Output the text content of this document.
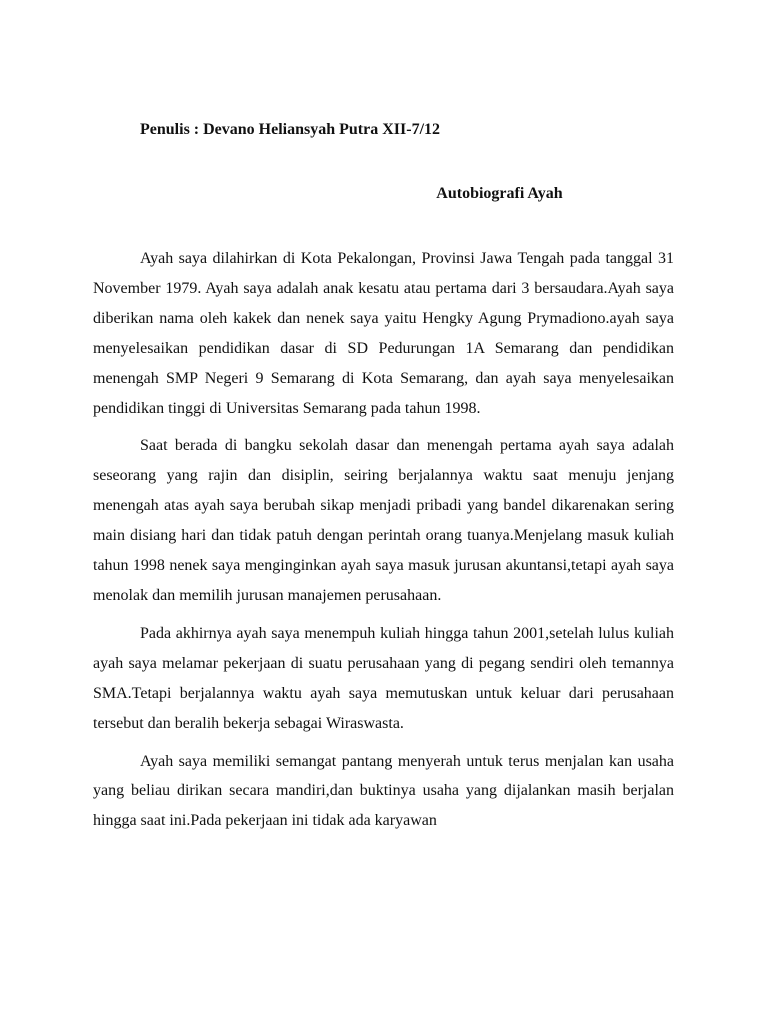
Penulis : Devano Heliansyah Putra XII-7/12
Autobiografi Ayah

Ayah saya dilahirkan di Kota Pekalongan, Provinsi Jawa Tengah pada tanggal 31 November 1979. Ayah saya adalah anak kesatu atau pertama dari 3 bersaudara.Ayah saya diberikan nama oleh kakek dan nenek saya yaitu Hengky Agung Prymadiono.ayah saya menyelesaikan pendidikan dasar di SD Pedurungan 1A Semarang dan pendidikan menengah SMP Negeri 9 Semarang di Kota Semarang, dan ayah saya menyelesaikan pendidikan tinggi di Universitas Semarang pada tahun 1998.

Saat berada di bangku sekolah dasar dan menengah pertama ayah saya adalah seseorang yang rajin dan disiplin, seiring berjalannya waktu saat menuju jenjang menengah atas ayah saya berubah sikap menjadi pribadi yang bandel dikarenakan sering main disiang hari dan tidak patuh dengan perintah orang tuanya.Menjelang masuk kuliah tahun 1998 nenek saya menginginkan ayah saya masuk jurusan akuntansi,tetapi ayah saya menolak dan memilih jurusan manajemen perusahaan.

Pada akhirnya ayah saya menempuh kuliah hingga tahun 2001,setelah lulus kuliah ayah saya melamar pekerjaan di suatu perusahaan yang di pegang sendiri oleh temannya SMA.Tetapi berjalannya waktu ayah saya memutuskan untuk keluar dari perusahaan tersebut dan beralih bekerja sebagai Wiraswasta.

Ayah saya memiliki semangat pantang menyerah untuk terus menjalan kan usaha yang beliau dirikan secara mandiri,dan buktinya usaha yang dijalankan masih berjalan hingga saat ini.Pada pekerjaan ini tidak ada karyawan
